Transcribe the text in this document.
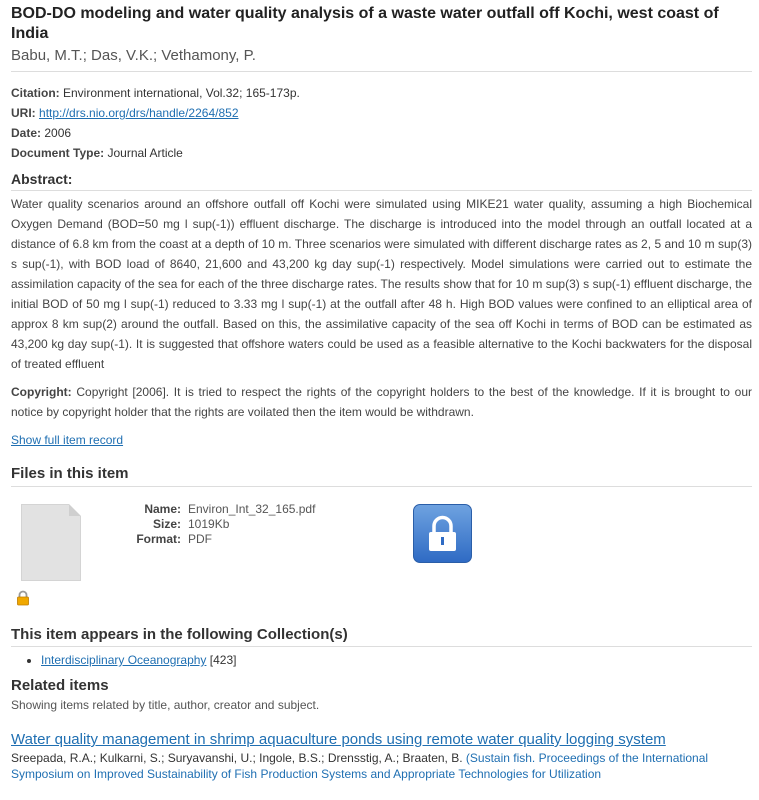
BOD-DO modeling and water quality analysis of a waste water outfall off Kochi, west coast of India
Babu, M.T.; Das, V.K.; Vethamony, P.
Citation: Environment international, Vol.32; 165-173p.
URI: http://drs.nio.org/drs/handle/2264/852
Date: 2006
Document Type: Journal Article
Abstract:
Water quality scenarios around an offshore outfall off Kochi were simulated using MIKE21 water quality, assuming a high Biochemical Oxygen Demand (BOD=50 mg l sup(-1)) effluent discharge. The discharge is introduced into the model through an outfall located at a distance of 6.8 km from the coast at a depth of 10 m. Three scenarios were simulated with different discharge rates as 2, 5 and 10 m sup(3) s sup(-1), with BOD load of 8640, 21,600 and 43,200 kg day sup(-1) respectively. Model simulations were carried out to estimate the assimilation capacity of the sea for each of the three discharge rates. The results show that for 10 m sup(3) s sup(-1) effluent discharge, the initial BOD of 50 mg l sup(-1) reduced to 3.33 mg l sup(-1) at the outfall after 48 h. High BOD values were confined to an elliptical area of approx 8 km sup(2) around the outfall. Based on this, the assimilative capacity of the sea off Kochi in terms of BOD can be estimated as 43,200 kg day sup(-1). It is suggested that offshore waters could be used as a feasible alternative to the Kochi backwaters for the disposal of treated effluent
Copyright: Copyright [2006]. It is tried to respect the rights of the copyright holders to the best of the knowledge. If it is brought to our notice by copyright holder that the rights are voilated then the item would be withdrawn.
Show full item record
Files in this item
Name: Environ_Int_32_165.pdf
Size: 1019Kb
Format: PDF
This item appears in the following Collection(s)
• Interdisciplinary Oceanography [423]
Related items
Showing items related by title, author, creator and subject.
Water quality management in shrimp aquaculture ponds using remote water quality logging system
Sreepada, R.A.; Kulkarni, S.; Suryavanshi, U.; Ingole, B.S.; Drensstig, A.; Braaten, B. (Sustain fish. Proceedings of the International Symposium on Improved Sustainability of Fish Production Systems and Appropriate Technologies for Utilization
